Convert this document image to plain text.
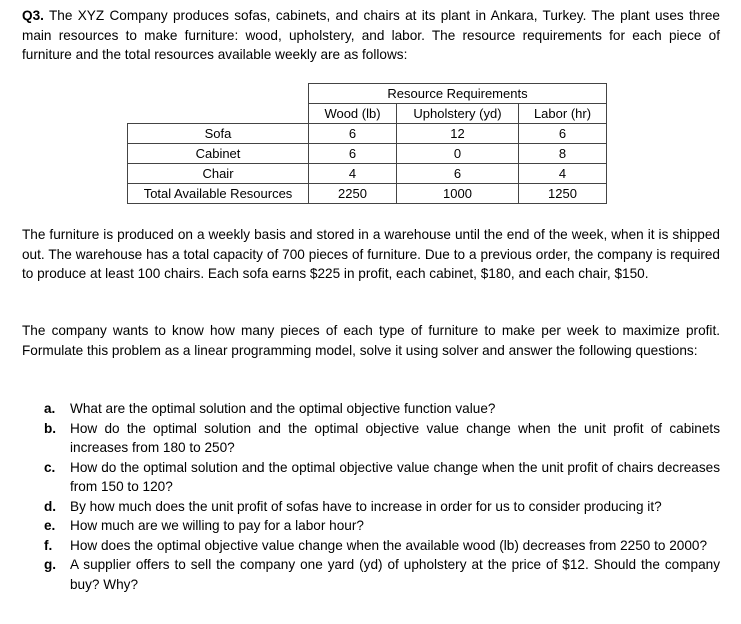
Q3. The XYZ Company produces sofas, cabinets, and chairs at its plant in Ankara, Turkey. The plant uses three main resources to make furniture: wood, upholstery, and labor. The resource requirements for each piece of furniture and the total resources available weekly are as follows:

	Resource Requirements		
	Wood (lb)	Upholstery (yd)	Labor (hr)
Sofa	6	12	6
Cabinet	6	0	8
Chair	4	6	4
Total Available Resources	2250	1000	1250

The furniture is produced on a weekly basis and stored in a warehouse until the end of the week, when it is shipped out. The warehouse has a total capacity of 700 pieces of furniture. Due to a previous order, the company is required to produce at least 100 chairs. Each sofa earns $225 in profit, each cabinet, $180, and each chair, $150.

The company wants to know how many pieces of each type of furniture to make per week to maximize profit. Formulate this problem as a linear programming model, solve it using solver and answer the following questions:

a. What are the optimal solution and the optimal objective function value?
b. How do the optimal solution and the optimal objective value change when the unit profit of cabinets increases from 180 to 250?
c. How do the optimal solution and the optimal objective value change when the unit profit of chairs decreases from 150 to 120?
d. By how much does the unit profit of sofas have to increase in order for us to consider producing it?
e. How much are we willing to pay for a labor hour?
f. How does the optimal objective value change when the available wood (lb) decreases from 2250 to 2000?
g. A supplier offers to sell the company one yard (yd) of upholstery at the price of $12. Should the company buy? Why?
